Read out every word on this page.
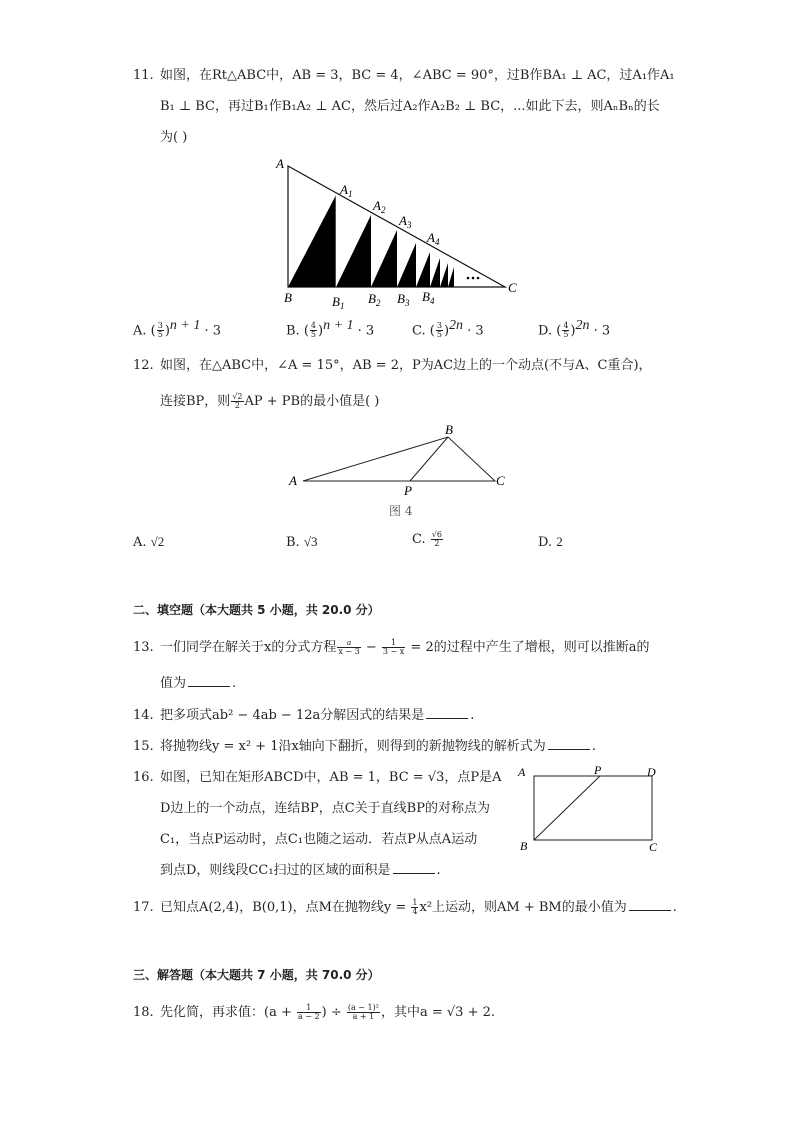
11. 如图，在Rt△ABC中，AB = 3，BC = 4，∠ABC = 90°，过B作BA₁ ⊥ AC，过A₁作A₁
B₁ ⊥ BC，再过B₁作B₁A₂ ⊥ AC，然后过A₂作A₂B₂ ⊥ BC，...如此下去，则AₙBₙ的长
为( )
A
$A_1$
$A_2$
$A_3$
$A_4$
B	$B_1$ $B_2$ $B_3$ $B_4$
C
A. ( $\frac{3}{5} )^{n + 1} \cdot 3$	B. ( $\frac{4}{5} )^{n + 1} \cdot 3$	C. ( $\frac{3}{5} )^{2n} \cdot 3$	D. ( $\frac{4}{5} )^{2n} \cdot 3$
12. 如图，在△ABC中，∠A = 15°，AB = 2，P为AC边上的一个动点(不与A、C重合)，
连接BP，则 $\frac{√2}{2}$ AP + PB的最小值是( )
A
B
C
P
图 4
A. √2	B. √3	C. $\frac{√6}{2}$	D. 2
二、填空题（本大题共 5 小题，共 20.0 分）
13. 一们同学在解关于x的分式方程 $\frac{a}{x - 3} - \frac{1}{3 - x} = 2$的过程中产生了增根，则可以推断a的
值为	.
14. 把多项式ab² − 4ab − 12a分解因式的结果是	.
15. 将抛物线y = x² + 1沿x轴向下翻折，则得到的新抛物线的解析式为	.
16. 如图，已知在矩形ABCD中，AB = 1，BC = √3，点P是A
D边上的一个动点，连结BP，点C关于直线BP的对称点为
C₁，当点P运动时，点C₁也随之运动．若点P从点A运动
到点D，则线段CC₁扫过的区域的面积是	.
A	P	D
B	C
17. 已知点A(2,4)，B(0,1)，点M在抛物线$y = \frac{1}{4} x^2$上运动，则AM + BM的最小值为	.
三、解答题（本大题共 7 小题，共 70.0 分）
18. 先化简，再求值：($a + \frac{1}{a - 2}$ ) ÷ $\frac{\text{(a − 1)²}}{a + 1}$ ，其中a = √3 + 2.
